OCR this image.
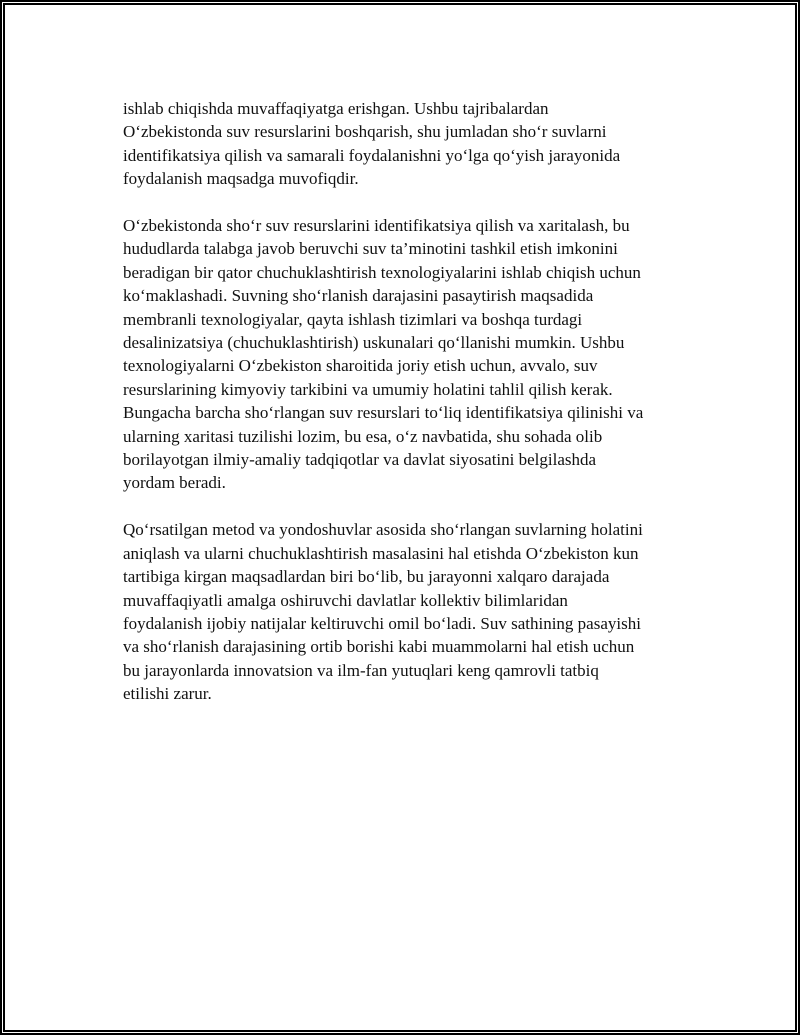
ishlab chiqishda muvaffaqiyatga erishgan. Ushbu tajribalardan
O‘zbekistonda suv resurslarini boshqarish, shu jumladan sho‘r suvlarni
identifikatsiya qilish va samarali foydalanishni yo‘lga qo‘yish jarayonida
foydalanish maqsadga muvofiqdir.

O‘zbekistonda sho‘r suv resurslarini identifikatsiya qilish va xaritalash, bu
hududlarda talabga javob beruvchi suv ta’minotini tashkil etish imkonini
beradigan bir qator chuchuklashtirish texnologiyalarini ishlab chiqish uchun
ko‘maklashadi. Suvning sho‘rlanish darajasini pasaytirish maqsadida
membranli texnologiyalar, qayta ishlash tizimlari va boshqa turdagi
desalinizatsiya (chuchuklashtirish) uskunalari qo‘llanishi mumkin. Ushbu
texnologiyalarni O‘zbekiston sharoitida joriy etish uchun, avvalo, suv
resurslarining kimyoviy tarkibini va umumiy holatini tahlil qilish kerak.
Bungacha barcha sho‘rlangan suv resurslari to‘liq identifikatsiya qilinishi va
ularning xaritasi tuzilishi lozim, bu esa, o‘z navbatida, shu sohada olib
borilayotgan ilmiy-amaliy tadqiqotlar va davlat siyosatini belgilashda
yordam beradi.

Qo‘rsatilgan metod va yondoshuvlar asosida sho‘rlangan suvlarning holatini
aniqlash va ularni chuchuklashtirish masalasini hal etishda O‘zbekiston kun
tartibiga kirgan maqsadlardan biri bo‘lib, bu jarayonni xalqaro darajada
muvaffaqiyatli amalga oshiruvchi davlatlar kollektiv bilimlaridan
foydalanish ijobiy natijalar keltiruvchi omil bo‘ladi. Suv sathining pasayishi
va sho‘rlanish darajasining ortib borishi kabi muammolarni hal etish uchun
bu jarayonlarda innovatsion va ilm-fan yutuqlari keng qamrovli tatbiq
etilishi zarur.
